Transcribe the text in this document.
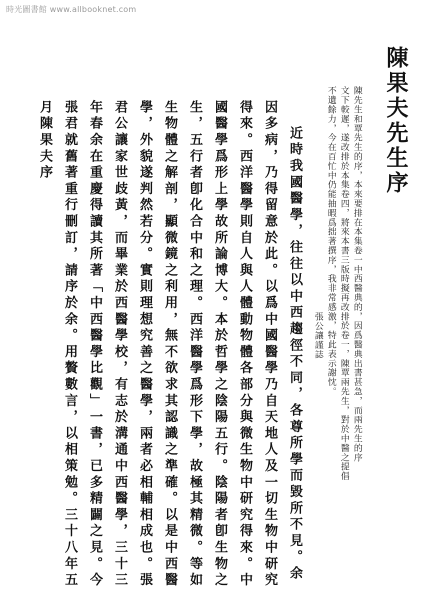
時光圖書館 www.allbooknet.com
陳果夫先生序
陳先生和覃先生的序，本來要排在本集卷一中西醫典的，因爲醫典出書甚急，而兩先生的序
文下較遲，遂改排於本集卷四，將來本書三版時擬再改排於卷一，陳覃兩先生，對於中醫之提倡
不遺餘力，今在百忙中仍能抽暇爲拙著撰序，我非常感激，特此表示謝忱。
張公讓謹誌
近時我國醫學，往往以中西趨徑不同，各尊所學而毀所不見。余
因多病，乃得留意於此。以爲中國醫學乃自天地人及一切生物中研究
得來。西洋醫學則自人與人體動物體各部分與微生物中研究得來。中
國醫學爲形上學故所論博大。本於哲學之陰陽五行。陰陽者卽生物之
生，五行者卽化合中和之理。西洋醫學爲形下學，故極其精微。等如
生物體之解剖，顯微鏡之利用，無不欲求其認識之準確。以是中西醫
學，外貌遂判然若分。實則理想究善之醫學，兩者必相輔相成也。張
君公讓家世歧黃，而畢業於西醫學校，有志於溝通中西醫學，三十三
年春余在重慶得讀其所著「中西醫學比觀」一書，已多精闢之見。今
張君就舊著重行刪訂，請序於余。用贅數言，以相策勉。三十八年五
月陳果夫序
